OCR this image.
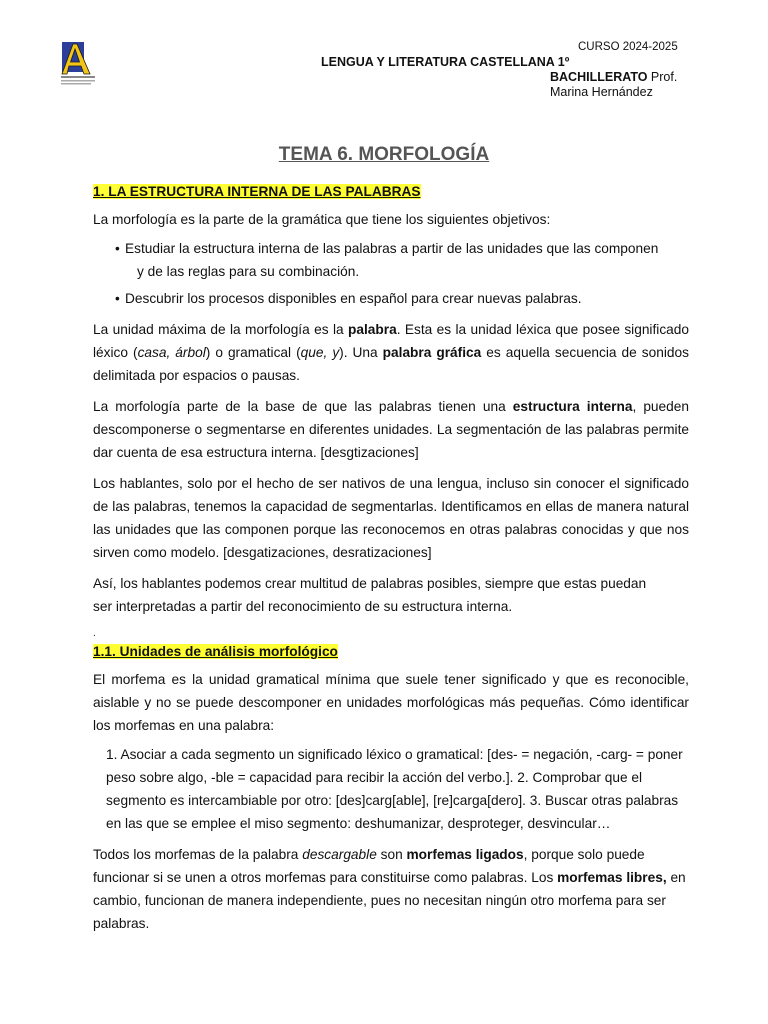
CURSO 2024-2025
LENGUA Y LITERATURA CASTELLANA 1º
BACHILLERATO Prof.
Marina Hernández
TEMA 6. MORFOLOGÍA
1. LA ESTRUCTURA INTERNA DE LAS PALABRAS

La morfología es la parte de la gramática que tiene los siguientes objetivos:

• Estudiar la estructura interna de las palabras a partir de las unidades que las componen
y de las reglas para su combinación.
• Descubrir los procesos disponibles en español para crear nuevas palabras.

La unidad máxima de la morfología es la palabra. Esta es la unidad léxica que posee significado léxico (casa, árbol) o gramatical (que, y). Una palabra gráfica es aquella secuencia de sonidos delimitada por espacios o pausas.

La morfología parte de la base de que las palabras tienen una estructura interna, pueden descomponerse o segmentarse en diferentes unidades. La segmentación de las palabras permite dar cuenta de esa estructura interna. [desgtizaciones]

Los hablantes, solo por el hecho de ser nativos de una lengua, incluso sin conocer el significado de las palabras, tenemos la capacidad de segmentarlas. Identificamos en ellas de manera natural las unidades que las componen porque las reconocemos en otras palabras conocidas y que nos sirven como modelo. [desgatizaciones, desratizaciones]

Así, los hablantes podemos crear multitud de palabras posibles, siempre que estas puedan
ser interpretadas a partir del reconocimiento de su estructura interna.

.
1.1. Unidades de análisis morfológico

El morfema es la unidad gramatical mínima que suele tener significado y que es reconocible, aislable y no se puede descomponer en unidades morfológicas más pequeñas. Cómo identificar los morfemas en una palabra:

1. Asociar a cada segmento un significado léxico o gramatical: [des- = negación, -carg- = poner peso sobre algo, -ble = capacidad para recibir la acción del verbo.]. 2. Comprobar que el segmento es intercambiable por otro: [des]carg[able], [re]carga[dero]. 3. Buscar otras palabras en las que se emplee el miso segmento: deshumanizar, desproteger, desvincular…

Todos los morfemas de la palabra descargable son morfemas ligados, porque solo puede funcionar si se unen a otros morfemas para constituirse como palabras. Los morfemas libres, en cambio, funcionan de manera independiente, pues no necesitan ningún otro morfema para ser palabras.
